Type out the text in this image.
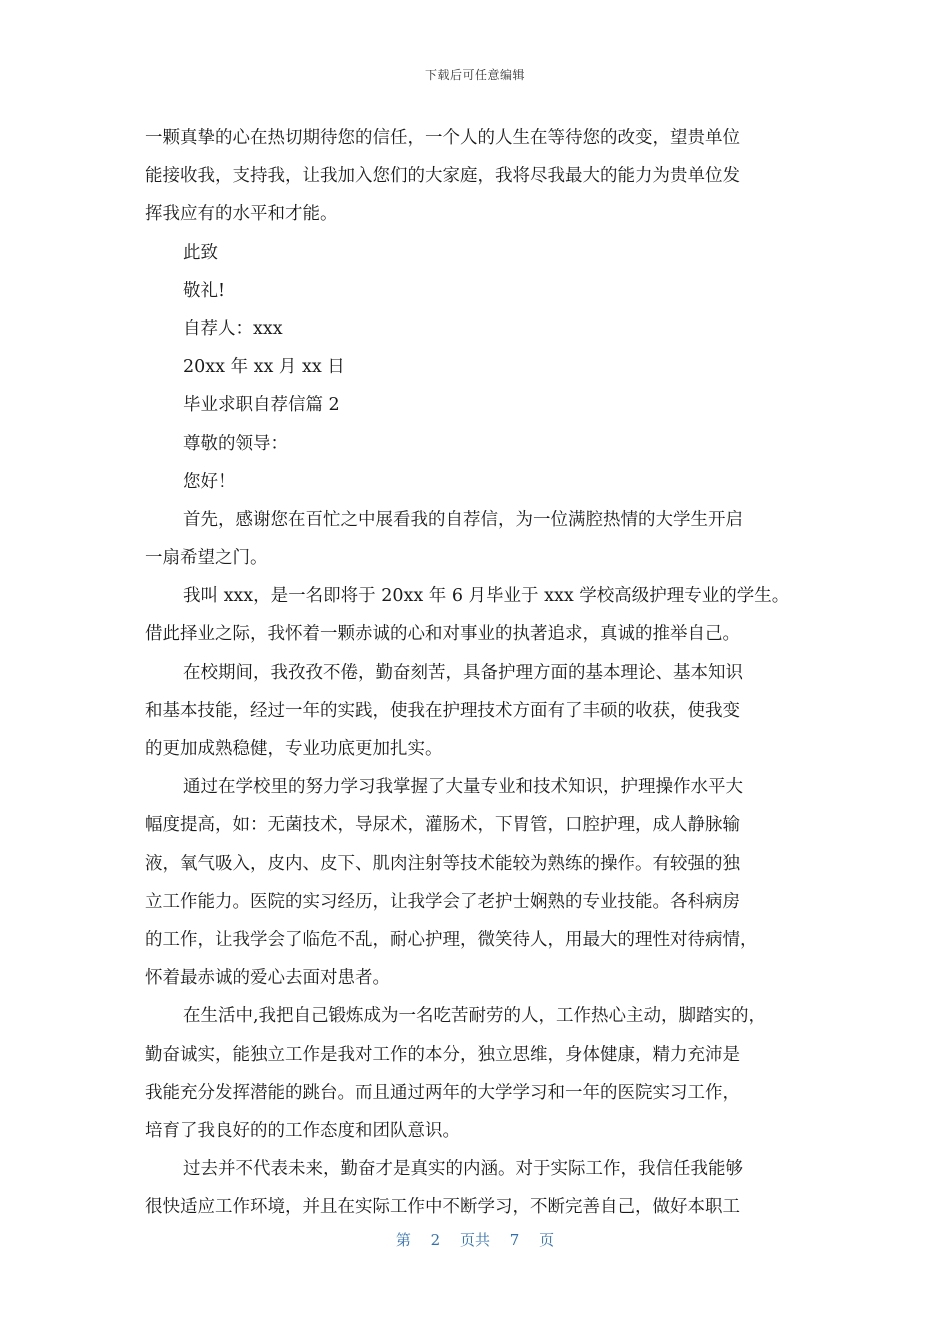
下载后可任意编辑
一颗真挚的心在热切期待您的信任，一个人的人生在等待您的改变，望贵单位
能接收我，支持我，让我加入您们的大家庭，我将尽我最大的能力为贵单位发
挥我应有的水平和才能。
此致
敬礼!
自荐人：xxx
20xx 年 xx 月 xx 日
毕业求职自荐信篇 2
尊敬的领导：
您好！
首先，感谢您在百忙之中展看我的自荐信，为一位满腔热情的大学生开启
一扇希望之门。
我叫 xxx，是一名即将于 20xx 年 6 月毕业于 xxx 学校高级护理专业的学生。
借此择业之际，我怀着一颗赤诚的心和对事业的执著追求，真诚的推举自己。
在校期间，我孜孜不倦，勤奋刻苦，具备护理方面的基本理论、基本知识
和基本技能，经过一年的实践，使我在护理技术方面有了丰硕的收获，使我变
的更加成熟稳健，专业功底更加扎实。
通过在学校里的努力学习我掌握了大量专业和技术知识，护理操作水平大
幅度提高，如：无菌技术，导尿术，灌肠术，下胃管，口腔护理，成人静脉输
液，氧气吸入，皮内、皮下、肌肉注射等技术能较为熟练的操作。有较强的独
立工作能力。医院的实习经历，让我学会了老护士娴熟的专业技能。各科病房
的工作，让我学会了临危不乱，耐心护理，微笑待人，用最大的理性对待病情，
怀着最赤诚的爱心去面对患者。
在生活中,我把自己锻炼成为一名吃苦耐劳的人，工作热心主动，脚踏实的，
勤奋诚实，能独立工作是我对工作的本分，独立思维，身体健康，精力充沛是
我能充分发挥潜能的跳台。而且通过两年的大学学习和一年的医院实习工作，
培育了我良好的的工作态度和团队意识。
过去并不代表未来，勤奋才是真实的内涵。对于实际工作，我信任我能够
很快适应工作环境，并且在实际工作中不断学习，不断完善自己，做好本职工
第 2 页共 7 页
